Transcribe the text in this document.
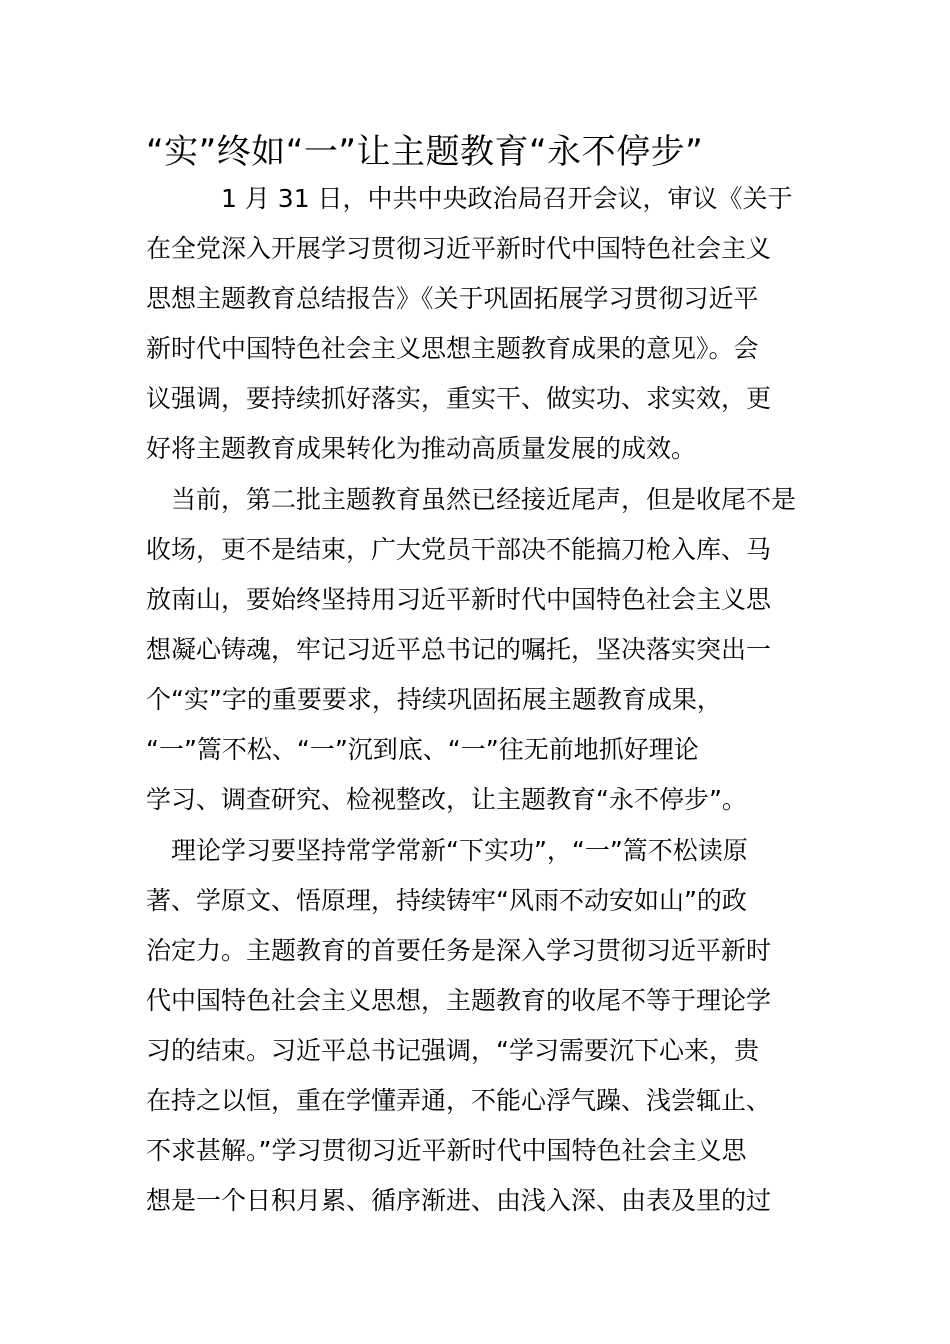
“实”终如“一”让主题教育“永不停步”
　　　1 月 31 日，中共中央政治局召开会议，审议《关于
在全党深入开展学习贯彻习近平新时代中国特色社会主义
思想主题教育总结报告》《关于巩固拓展学习贯彻习近平
新时代中国特色社会主义思想主题教育成果的意见》。会
议强调，要持续抓好落实，重实干、做实功、求实效，更
好将主题教育成果转化为推动高质量发展的成效。
　当前，第二批主题教育虽然已经接近尾声，但是收尾不是
收场，更不是结束，广大党员干部决不能搞刀枪入库、马
放南山，要始终坚持用习近平新时代中国特色社会主义思
想凝心铸魂，牢记习近平总书记的嘱托，坚决落实突出一
个“实”字的重要要求，持续巩固拓展主题教育成果，
“一”篙不松、“一”沉到底、“一”往无前地抓好理论
学习、调查研究、检视整改，让主题教育“永不停步”。
　理论学习要坚持常学常新“下实功”，“一”篙不松读原
著、学原文、悟原理，持续铸牢“风雨不动安如山”的政
治定力。主题教育的首要任务是深入学习贯彻习近平新时
代中国特色社会主义思想，主题教育的收尾不等于理论学
习的结束。习近平总书记强调，“学习需要沉下心来，贵
在持之以恒，重在学懂弄通，不能心浮气躁、浅尝辄止、
不求甚解。”学习贯彻习近平新时代中国特色社会主义思
想是一个日积月累、循序渐进、由浅入深、由表及里的过
